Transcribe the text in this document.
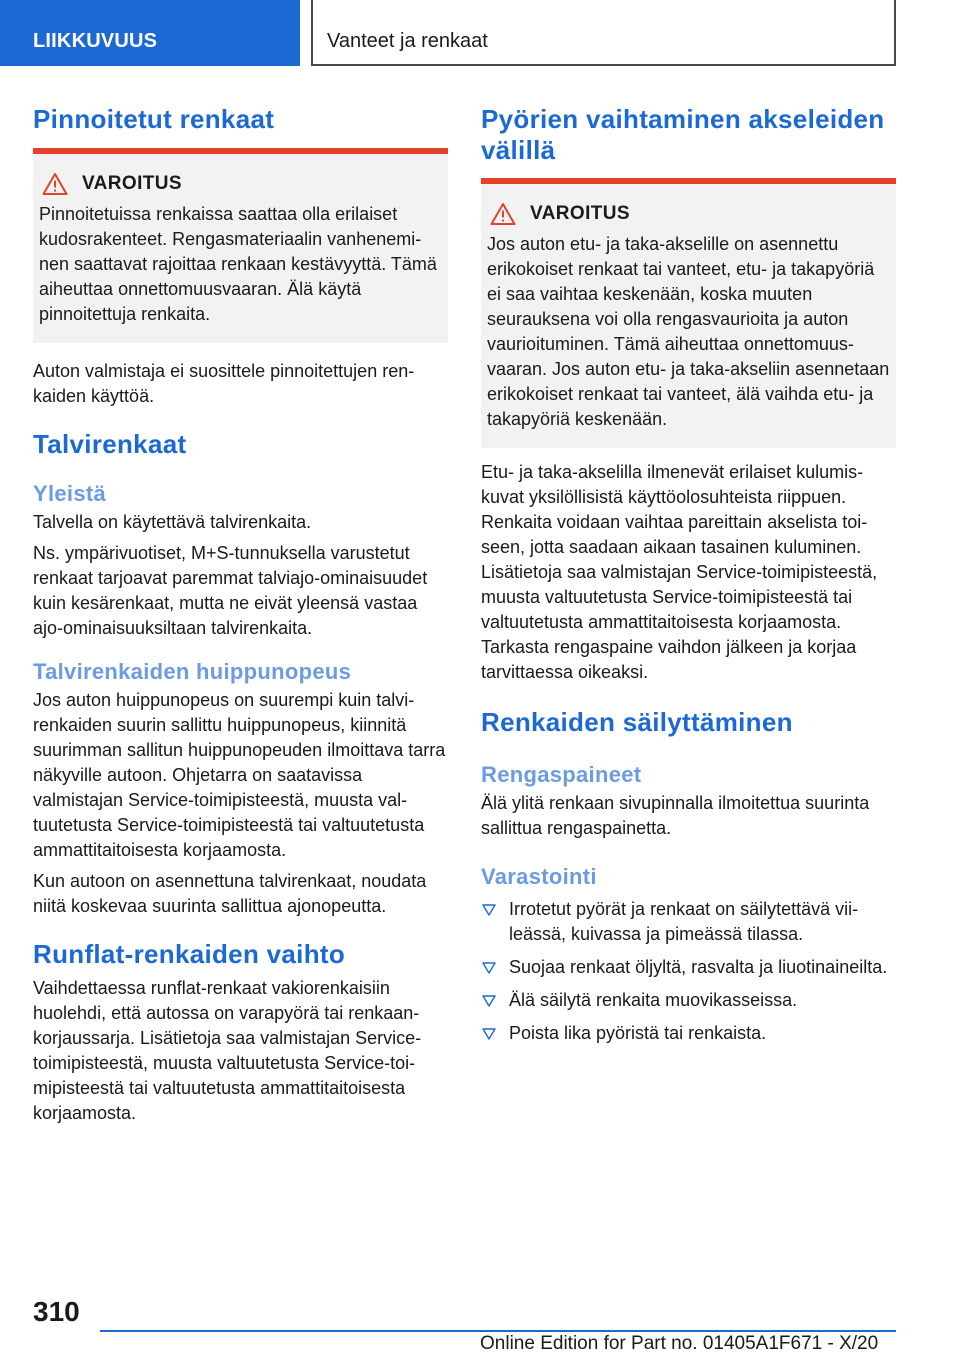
LIIKKUVUUS	Vanteet ja renkaat
Pinnoitetut renkaat
VAROITUS

Pinnoitetuissa renkaissa saattaa olla erilaiset kudosrakenteet. Rengasmateriaalin vanheneminen saattavat rajoittaa renkaan kestävyyttä. Tämä aiheuttaa onnettomuusvaaran. Älä käytä pinnoitettuja renkaita.

Auton valmistaja ei suosittele pinnoitettujen renkaiden käyttöä.

Talvirenkaat
Yleistä

Talvella on käytettävä talvirenkaita.

Ns. ympärivuotiset, M+S-tunnuksella varustetut renkaat tarjoavat paremmat talviajo-ominaisuudet kuin kesärenkaat, mutta ne eivät yleensä vastaa ajo-ominaisuuksiltaan talvirenkaita.

Talvirenkaiden huippunopeus

Jos auton huippunopeus on suurempi kuin talvirenkaiden suurin sallittu huippunopeus, kiinnitä suurimman sallitun huippunopeuden ilmoittava tarra näkyville autoon. Ohjetarra on saatavissa valmistajan Service-toimipisteestä, muusta valtuutetusta Service-toimipisteestä tai valtuutetusta ammattitaitoisesta korjaamosta.

Kun autoon on asennettuna talvirenkaat, noudata niitä koskevaa suurinta sallittua ajonopeutta.

Runflat-renkaiden vaihto

Vaihdettaessa runflat-renkaat vakiorenkaisiin huolehdi, että autossa on varapyörä tai renkaankorjaussarja. Lisätietoja saa valmistajan Service-toimipisteestä, muusta valtuutetusta Service-toimipisteestä tai valtuutetusta ammattitaitoisesta korjaamosta.

Pyörien vaihtaminen akseleiden välillä
VAROITUS

Jos auton etu- ja taka-akselille on asennettu erikokoiset renkaat tai vanteet, etu- ja takapyöriä ei saa vaihtaa keskenään, koska muuten seurauksena voi olla rengasvaurioita ja auton vaurioituminen. Tämä aiheuttaa onnettomuusvaaran. Jos auton etu- ja taka-akseliin asennetaan erikokoiset renkaat tai vanteet, älä vaihda etu- ja takapyöriä keskenään.

Etu- ja taka-akselilla ilmenevät erilaiset kulumiskuvat yksilöllisistä käyttöolosuhteista riippuen. Renkaita voidaan vaihtaa pareittain akselista toiseen, jotta saadaan aikaan tasainen kuluminen. Lisätietoja saa valmistajan Service-toimipisteestä, muusta valtuutetusta Service-toimipisteestä tai valtuutetusta ammattitaitoisesta korjaamosta. Tarkasta rengaspaine vaihdon jälkeen ja korjaa tarvittaessa oikeaksi.

Renkaiden säilyttäminen
Rengaspaineet

Älä ylitä renkaan sivupinnalla ilmoitettua suurinta sallittua rengaspainetta.

Varastointi
Irrotetut pyörät ja renkaat on säilytettävä viileässä, kuivassa ja pimeässä tilassa.
Suojaa renkaat öljyltä, rasvalta ja liuotinaineilta.
Älä säilytä renkaita muovikasseissa.
Poista lika pyöristä tai renkaista.
310
Online Edition for Part no. 01405A1F671 - X/20
